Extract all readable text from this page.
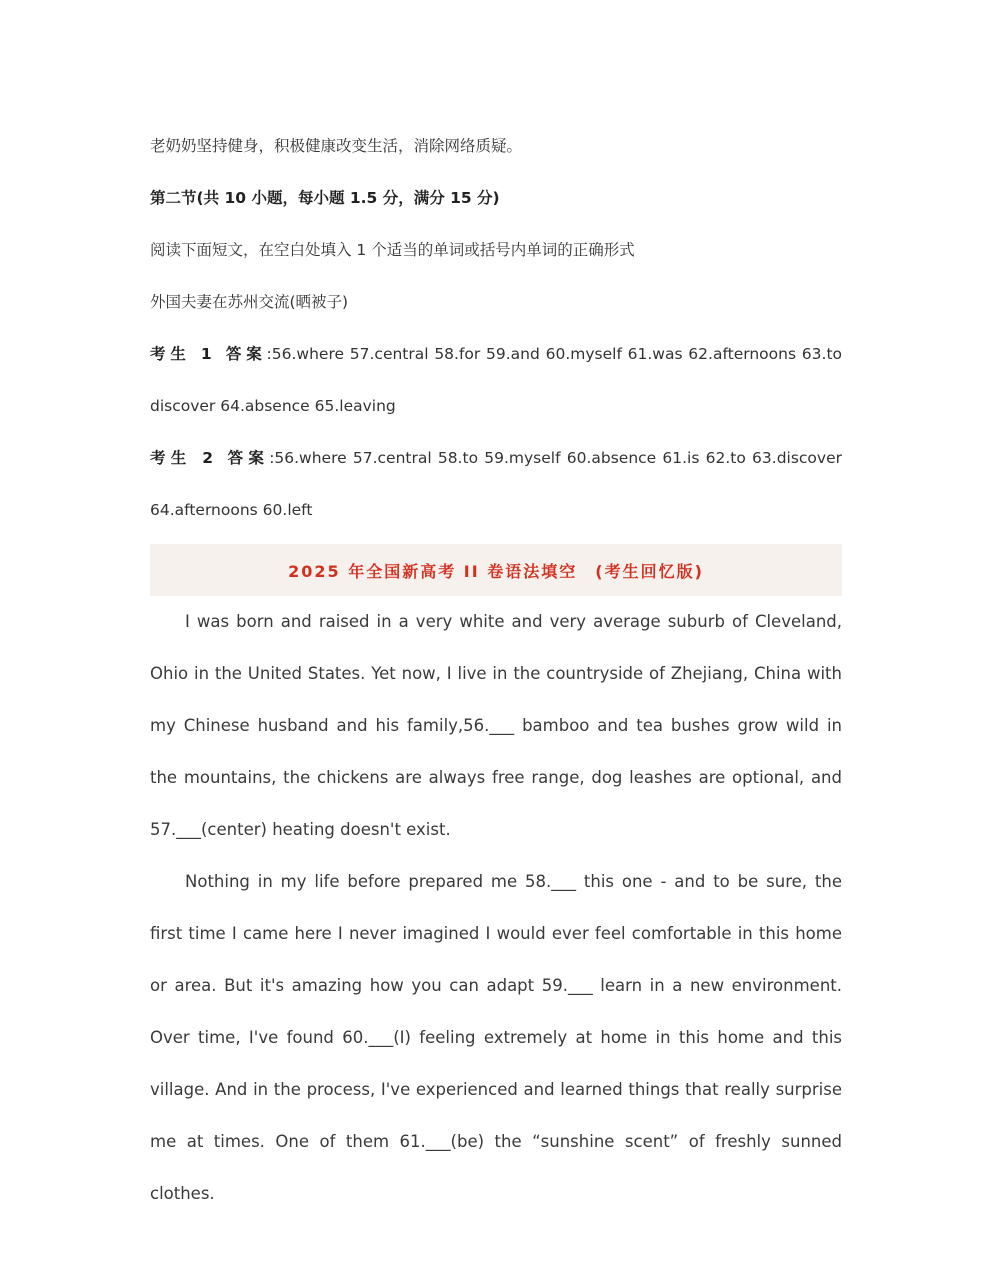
老奶奶坚持健身，积极健康改变生活，消除网络质疑。
第二节(共 10 小题，每小题 1.5 分，满分 15 分)
阅读下面短文，在空白处填入 1 个适当的单词或括号内单词的正确形式
外国夫妻在苏州交流(晒被子)
考生 1 答案:56.where 57.central 58.for 59.and 60.myself 61.was 62.afternoons 63.to
discover 64.absence 65.leaving
考生 2 答案:56.where 57.central 58.to 59.myself 60.absence 61.is 62.to 63.discover
64.afternoons 60.left
2025 年全国新高考 II 卷语法填空　(考生回忆版)
I was born and raised in a very white and very average suburb of Cleveland,
Ohio in the United States. Yet now, I live in the countryside of Zhejiang, China with
my Chinese husband and his family,56.___ bamboo and tea bushes grow wild in
the mountains, the chickens are always free range, dog leashes are optional, and
57.___(center) heating doesn't exist.
Nothing in my life before prepared me 58.___ this one - and to be sure, the
first time I came here I never imagined I would ever feel comfortable in this home
or area. But it's amazing how you can adapt 59.___ learn in a new environment.
Over time, I've found 60.___(I) feeling extremely at home in this home and this
village. And in the process, I've experienced and learned things that really surprise
me at times. One of them 61.___(be) the “sunshine scent” of freshly sunned
clothes.
